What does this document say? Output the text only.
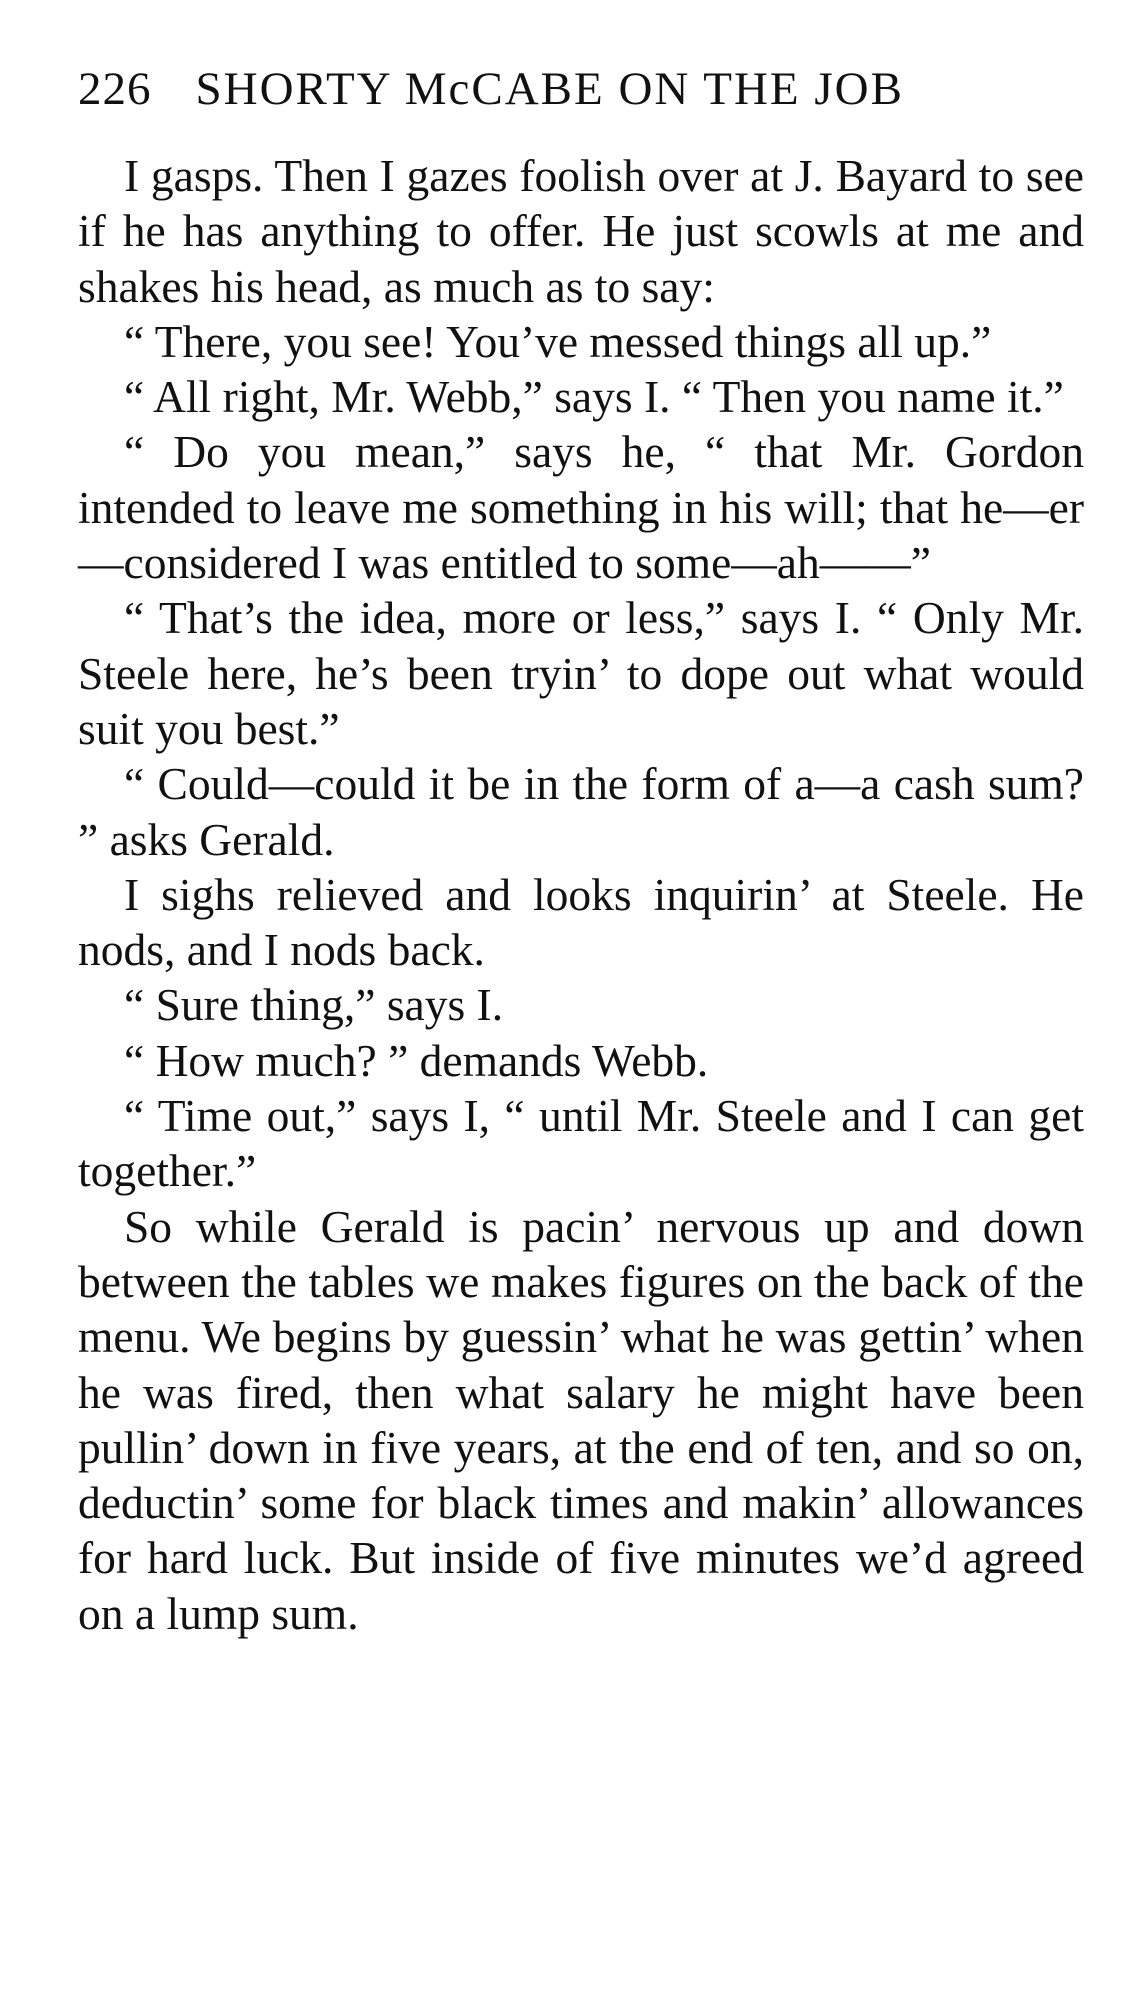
226 SHORTY McCABE ON THE JOB

I gasps. Then I gazes foolish over at J. Bayard to see if he has anything to offer. He just scowls at me and shakes his head, as much as to say:

“ There, you see! You’ve messed things all up.”

“ All right, Mr. Webb,” says I. “ Then you name it.”

“ Do you mean,” says he, “ that Mr. Gordon intended to leave me something in his will; that he—er—considered I was entitled to some—ah——”

“ That’s the idea, more or less,” says I. “ Only Mr. Steele here, he’s been tryin’ to dope out what would suit you best.”

“ Could—could it be in the form of a—a cash sum? ” asks Gerald.

I sighs relieved and looks inquirin’ at Steele. He nods, and I nods back.

“ Sure thing,” says I.

“ How much? ” demands Webb.

“ Time out,” says I, “ until Mr. Steele and I can get together.”

So while Gerald is pacin’ nervous up and down between the tables we makes figures on the back of the menu. We begins by guessin’ what he was gettin’ when he was fired, then what salary he might have been pullin’ down in five years, at the end of ten, and so on, deductin’ some for black times and makin’ allowances for hard luck. But inside of five minutes we’d agreed on a lump sum.
